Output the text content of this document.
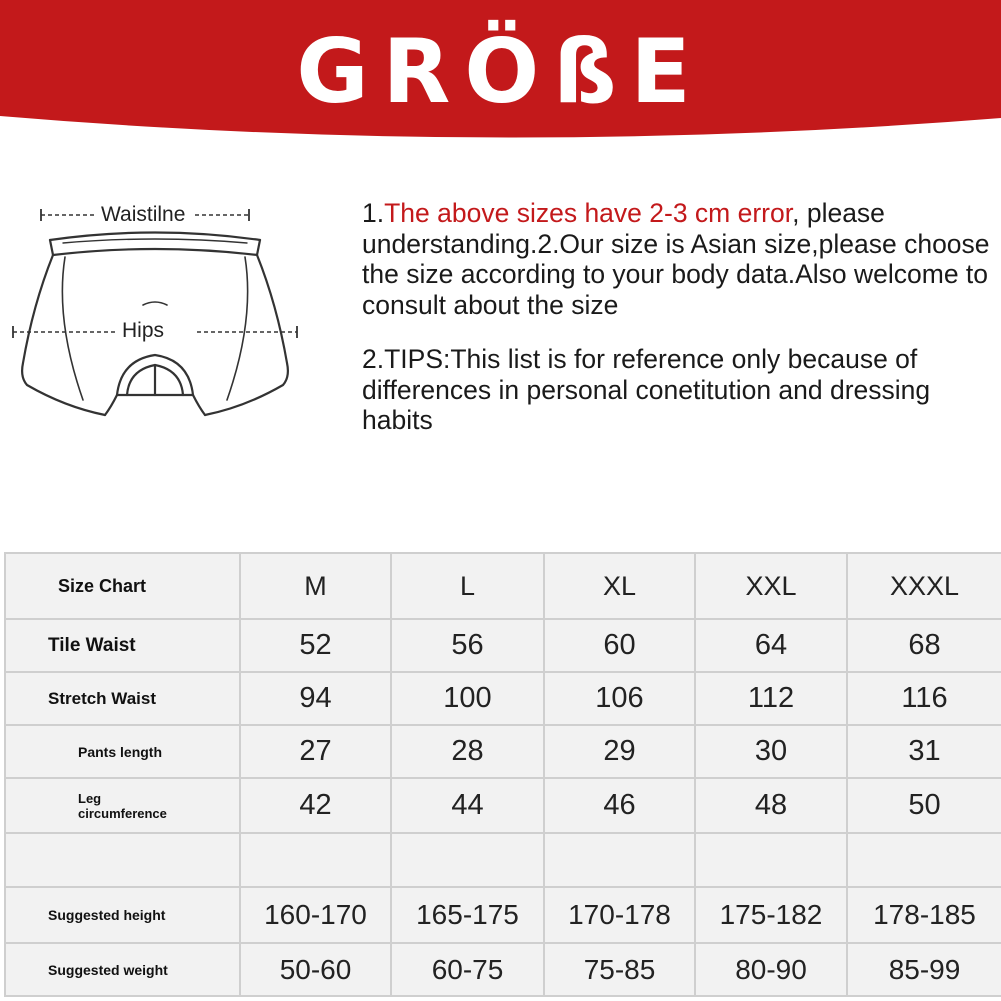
GRÖßE
Waistilne
Hips

1.The above sizes have 2-3 cm error, please understanding.2.Our size is Asian size,please choose the size according to your body data.Also welcome to consult about the size

2.TIPS:This list is for reference only because of differences in personal conetitution and dressing habits

Size Chart	M	L	XL	XXL	XXXL
Tile Waist	52	56	60	64	68
Stretch Waist	94	100	106	112	116
Pants length	27	28	29	30	31
Leg
circumference	42	44	46	48	50

Suggested height	160-170	165-175	170-178	175-182	178-185
Suggested weight	50-60	60-75	75-85	80-90	85-99
